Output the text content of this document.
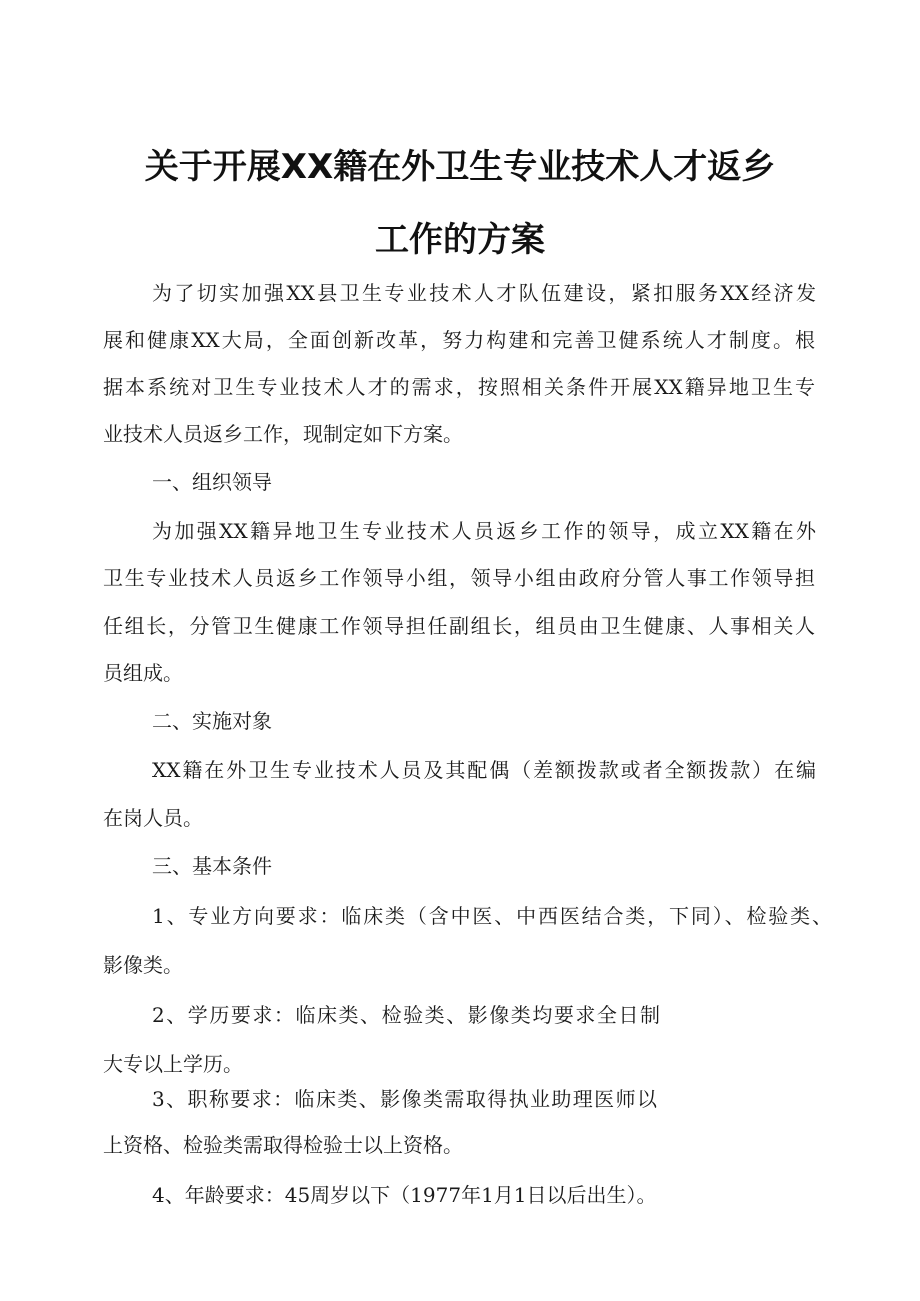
关于开展XX籍在外卫生专业技术人才返乡
工作的方案
为了切实加强XX县卫生专业技术人才队伍建设，紧扣服务XX经济发
展和健康XX大局，全面创新改革，努力构建和完善卫健系统人才制度。根
据本系统对卫生专业技术人才的需求，按照相关条件开展XX籍异地卫生专
业技术人员返乡工作，现制定如下方案。
一、组织领导
为加强XX籍异地卫生专业技术人员返乡工作的领导，成立XX籍在外
卫生专业技术人员返乡工作领导小组，领导小组由政府分管人事工作领导担
任组长，分管卫生健康工作领导担任副组长，组员由卫生健康、人事相关人
员组成。
二、实施对象
XX籍在外卫生专业技术人员及其配偶（差额拨款或者全额拨款）在编
在岗人员。
三、基本条件
1、专业方向要求：临床类（含中医、中西医结合类，下同）、检验类、
影像类。
2、学历要求：临床类、检验类、影像类均要求全日制
大专以上学历。
3、职称要求：临床类、影像类需取得执业助理医师以
上资格、检验类需取得检验士以上资格。
4、年龄要求：45周岁以下（1977年1月1日以后出生）。
